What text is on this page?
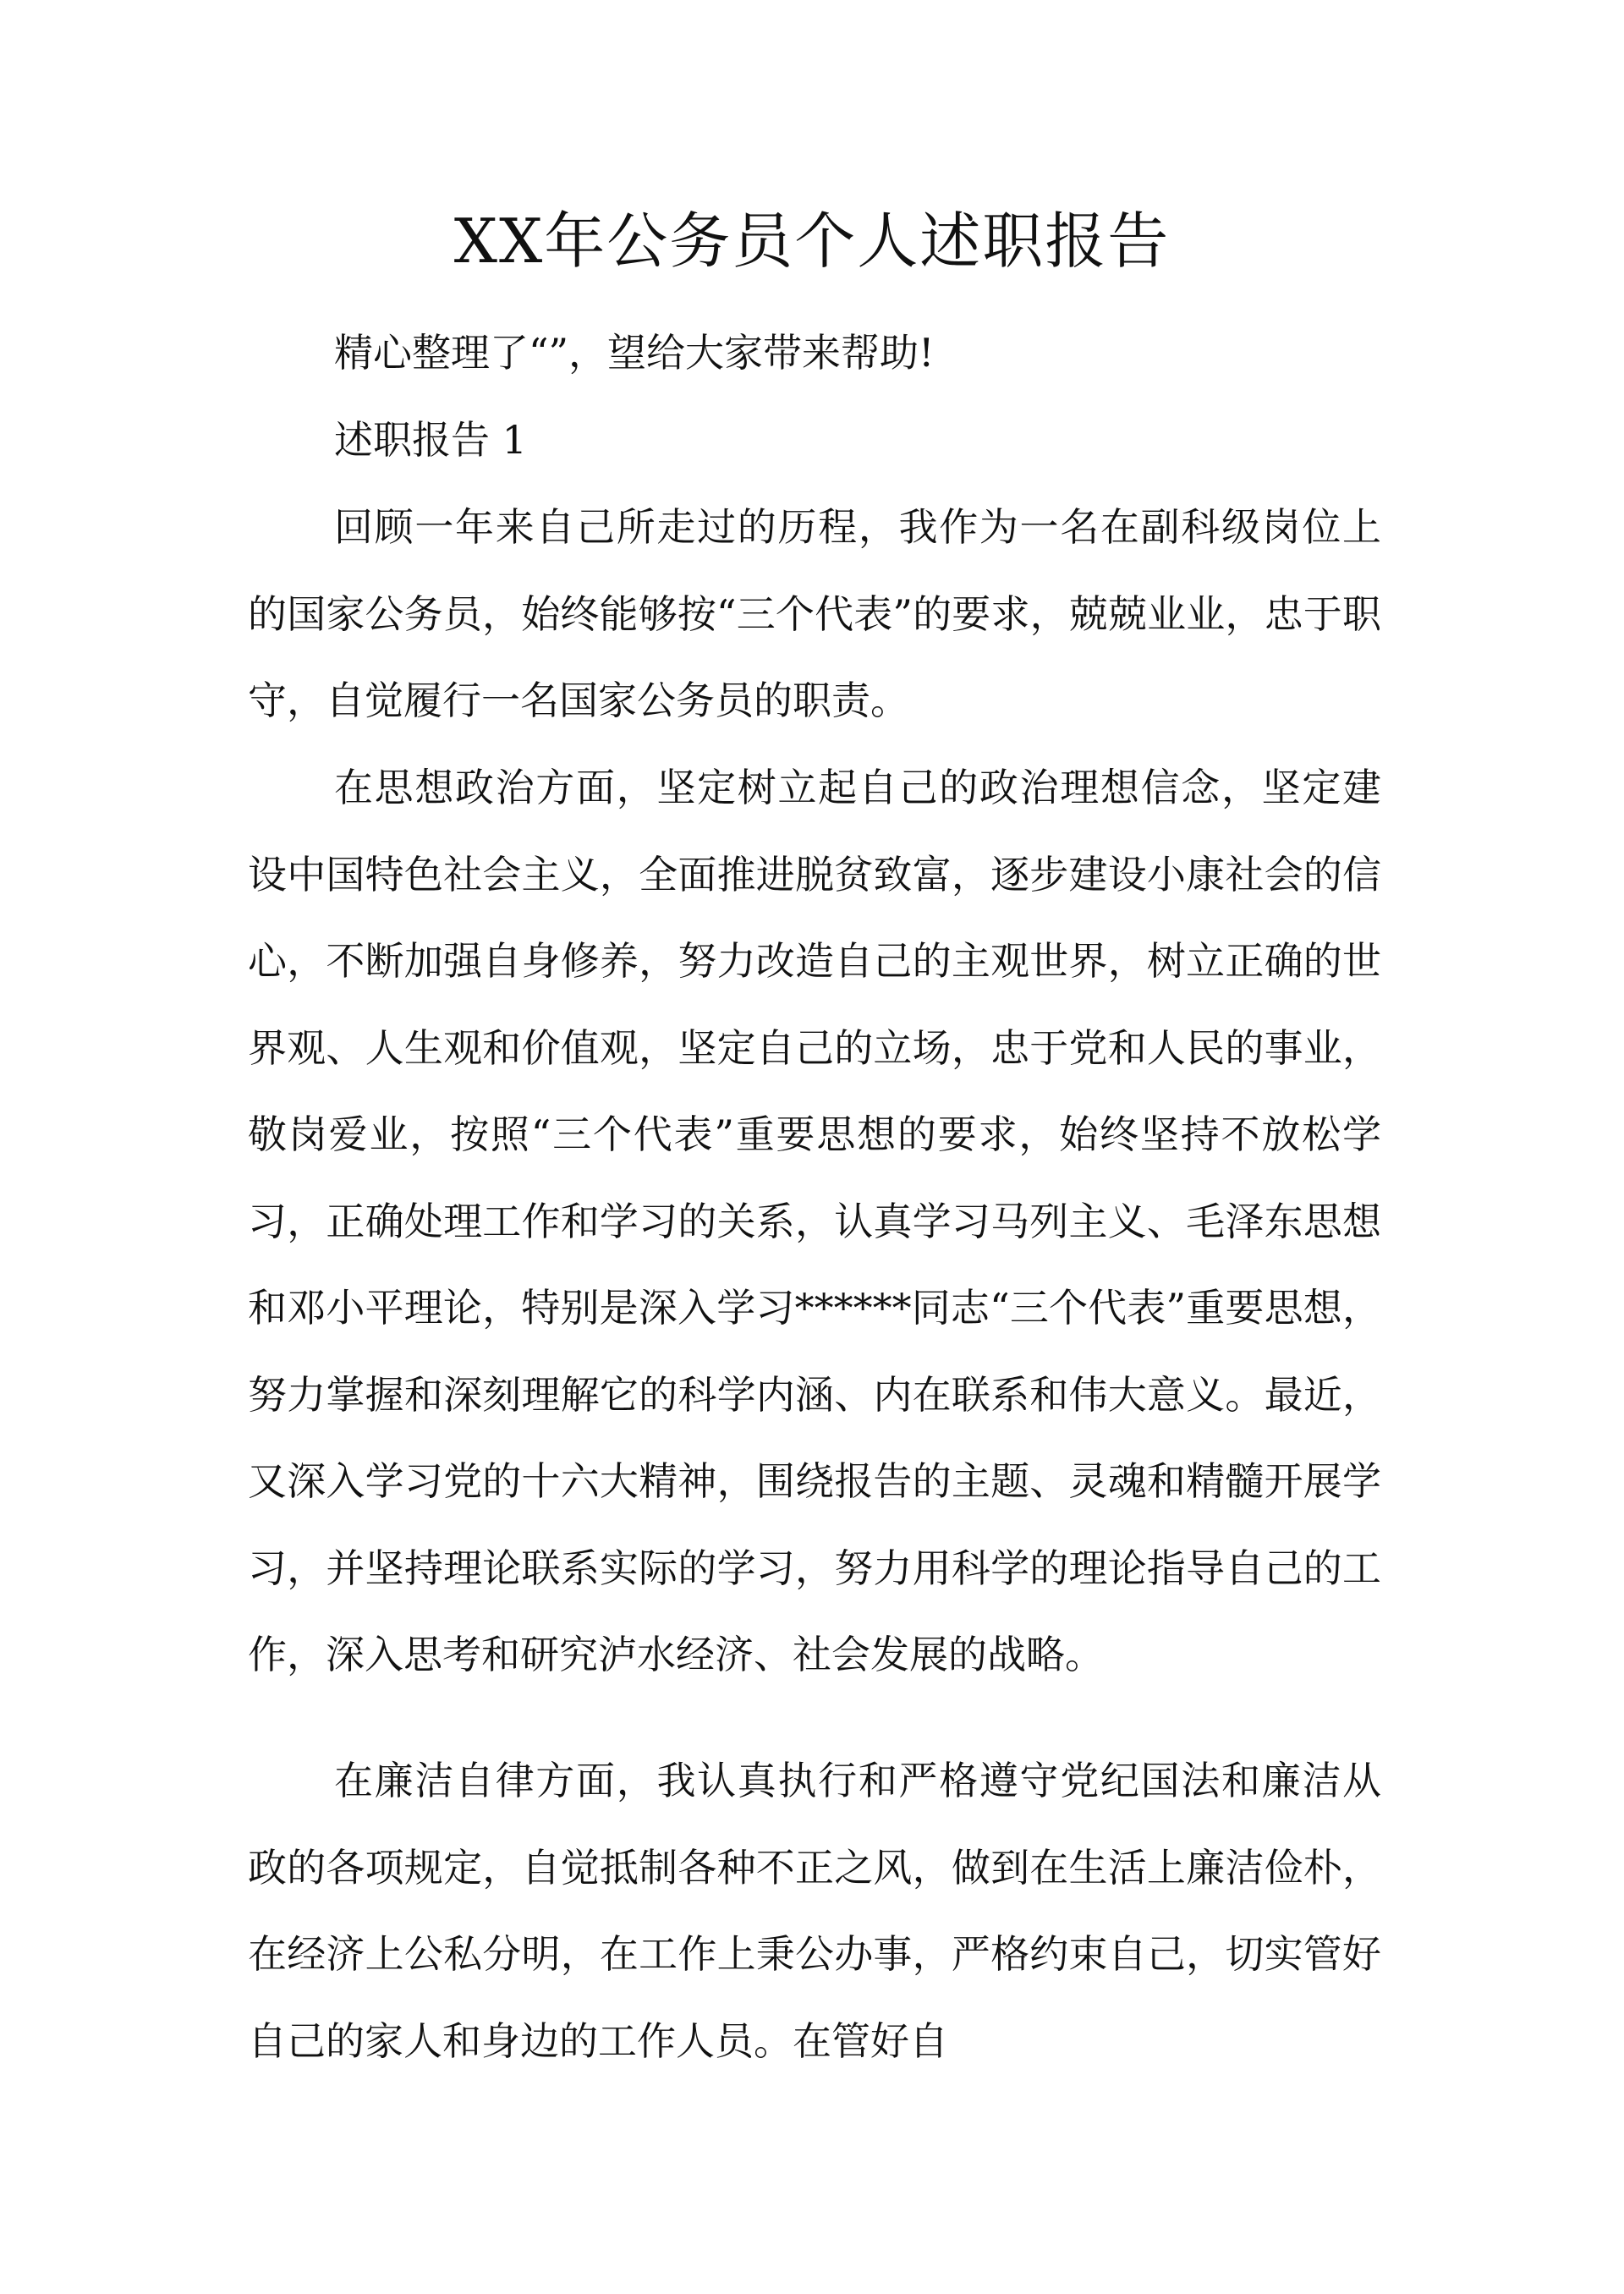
XX年公务员个人述职报告

精心整理了“”，望给大家带来帮助!

述职报告 1

回顾一年来自己所走过的历程，我作为一名在副科级岗位上的国家公务员，始终能够按“三个代表”的要求，兢兢业业，忠于职守，自觉履行一名国家公务员的职责。

在思想政治方面，坚定树立起自己的政治理想信念，坚定建设中国特色社会主义，全面推进脱贫致富，逐步建设小康社会的信心，不断加强自身修养，努力改造自己的主观世界，树立正确的世界观、人生观和价值观，坚定自己的立场，忠于党和人民的事业，敬岗爱业，按照“三个代表”重要思想的要求，始终坚持不放松学习，正确处理工作和学习的关系，认真学习马列主义、毛泽东思想和邓小平理论，特别是深入学习******同志“三个代表”重要思想，努力掌握和深刻理解它的科学内涵、内在联系和伟大意义。最近，又深入学习党的十六大精神，围绕报告的主题、灵魂和精髓开展学习，并坚持理论联系实际的学习，努力用科学的理论指导自己的工作，深入思考和研究泸水经济、社会发展的战略。

在廉洁自律方面，我认真执行和严格遵守党纪国法和廉洁从政的各项规定，自觉抵制各种不正之风，做到在生活上廉洁俭朴，在经济上公私分明，在工作上秉公办事，严格约束自己，切实管好自己的家人和身边的工作人员。在管好自
